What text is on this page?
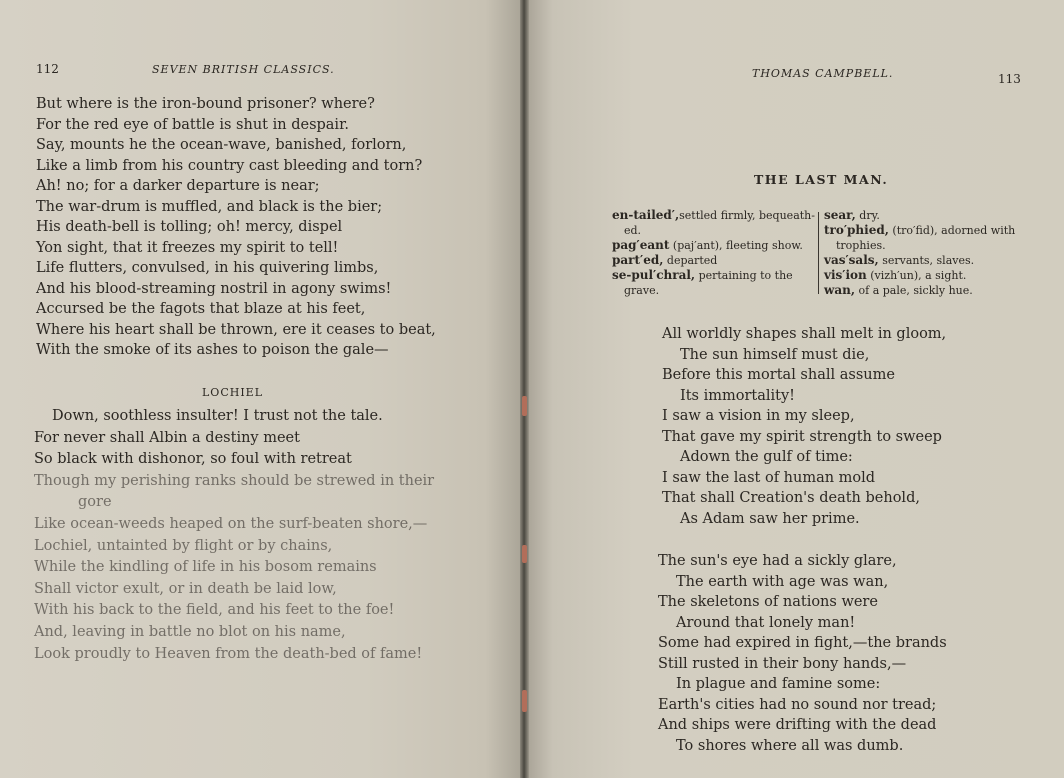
112	SEVEN BRITISH CLASSICS.
But where is the iron-bound prisoner? where?
For the red eye of battle is shut in despair.
Say, mounts he the ocean-wave, banished, forlorn,
Like a limb from his country cast bleeding and torn?
Ah! no; for a darker departure is near;
The war-drum is muffled, and black is the bier;
His death-bell is tolling; oh! mercy, dispel
Yon sight, that it freezes my spirit to tell!
Life flutters, convulsed, in his quivering limbs,
And his blood-streaming nostril in agony swims!
Accursed be the fagots that blaze at his feet,
Where his heart shall be thrown, ere it ceases to beat,
With the smoke of its ashes to poison the gale—
LOCHIEL
Down, soothless insulter! I trust not the tale.
For never shall Albin a destiny meet
So black with dishonor, so foul with retreat
Though my perishing ranks should be strewed in their
gore
Like ocean-weeds heaped on the surf-beaten shore,—
Lochiel, untainted by flight or by chains,
While the kindling of life in his bosom remains
Shall victor exult, or in death be laid low,
With his back to the field, and his feet to the foe!
And, leaving in battle no blot on his name,
Look proudly to Heaven from the death-bed of fame!
THOMAS CAMPBELL.	113
THE LAST MAN.
en-tailed′,settled firmly, bequeath-
ed.
pag′eant (paj′ant), fleeting show.
part′ed, departed
se-pul′chral, pertaining to the
grave.
sear, dry.
tro′phied, (tro′fid), adorned with
trophies.
vas′sals, servants, slaves.
vis′ion (vizh′un), a sight.
wan, of a pale, sickly hue.
All worldly shapes shall melt in gloom,
The sun himself must die,
Before this mortal shall assume
Its immortality!
I saw a vision in my sleep,
That gave my spirit strength to sweep
Adown the gulf of time:
I saw the last of human mold
That shall Creation's death behold,
As Adam saw her prime.
The sun's eye had a sickly glare,
The earth with age was wan,
The skeletons of nations were
Around that lonely man!
Some had expired in fight,—the brands
Still rusted in their bony hands,—
In plague and famine some:
Earth's cities had no sound nor tread;
And ships were drifting with the dead
To shores where all was dumb.
